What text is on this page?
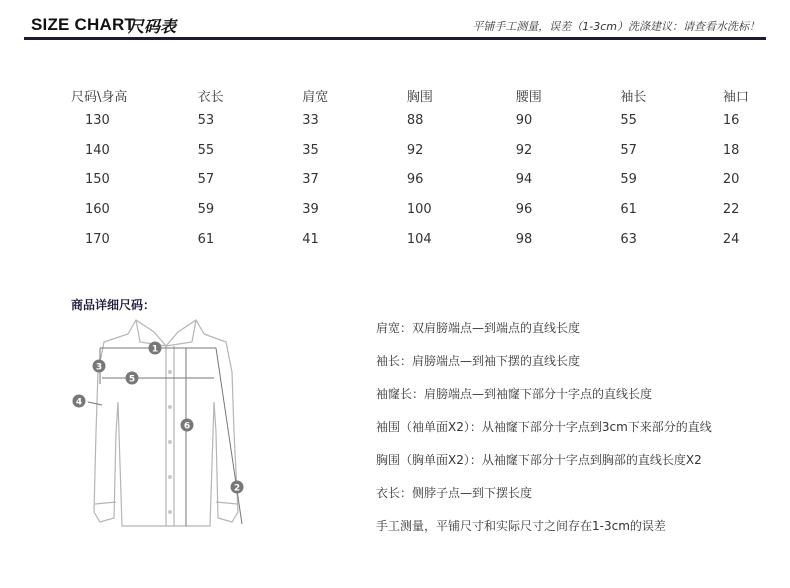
SIZE CHART
尺码表	平铺手工测量，误差（1-3cm）洗涤建议：请查看水洗标！
尺码\身高	衣长	肩宽	胸围	腰围	袖长	袖口
130	53	33	88	90	55	16
140	55	35	92	92	57	18
150	57	37	96	94	59	20
160	59	39	100	96	61	22
170	61	41	104	98	63	24
商品详细尺码：
1
2
3
4
5
6
肩宽：双肩膀端点—到端点的直线长度
袖长：肩膀端点—到袖下摆的直线长度
袖窿长：肩膀端点—到袖窿下部分十字点的直线长度
袖围（袖单面X2）：从袖窿下部分十字点到3cm下来部分的直线
胸围（胸单面X2）：从袖窿下部分十字点到胸部的直线长度X2
衣长：侧脖子点—到下摆长度
手工测量，平铺尺寸和实际尺寸之间存在1-3cm的误差
